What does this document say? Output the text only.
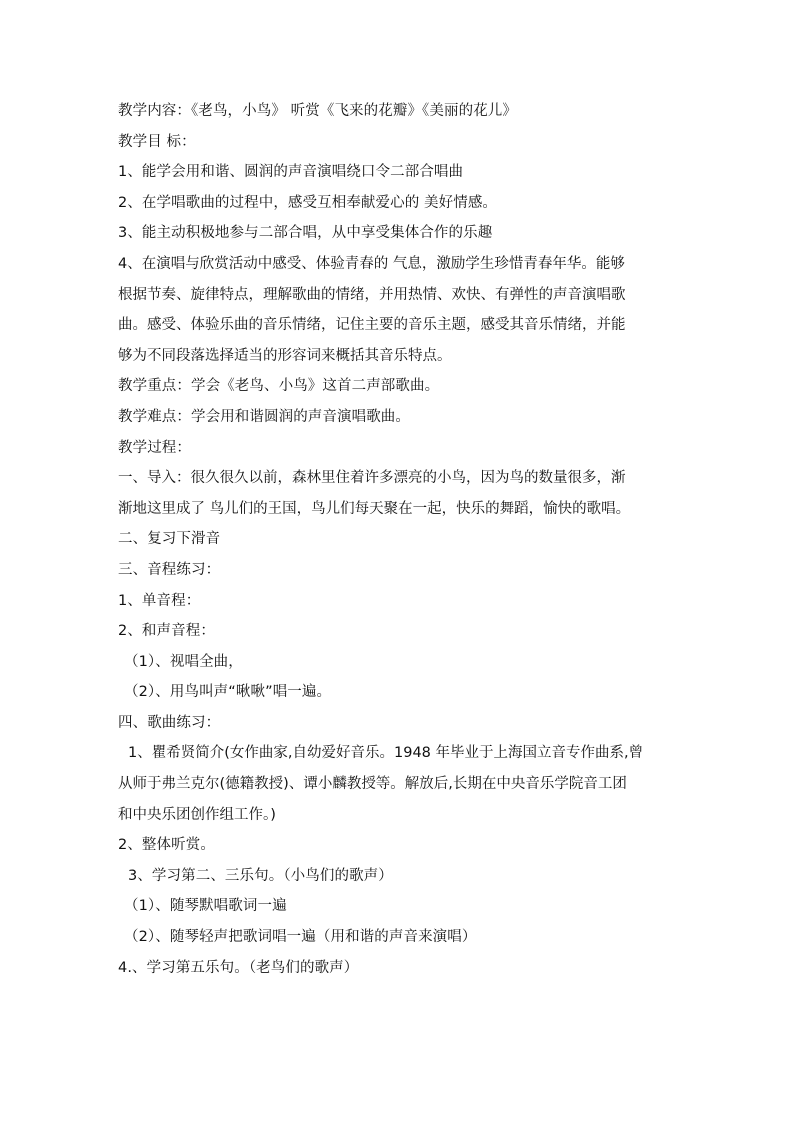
教学内容：《老鸟，小鸟》 听赏《飞来的花瓣》《美丽的花儿》
教学目 标：
1、能学会用和谐、圆润的声音演唱绕口令二部合唱曲
2、在学唱歌曲的过程中，感受互相奉献爱心的 美好情感。
3、能主动积极地参与二部合唱，从中享受集体合作的乐趣
4、在演唱与欣赏活动中感受、体验青春的 气息，激励学生珍惜青春年华。能够
根据节奏、旋律特点，理解歌曲的情绪，并用热情、欢快、有弹性的声音演唱歌
曲。感受、体验乐曲的音乐情绪，记住主要的音乐主题，感受其音乐情绪，并能
够为不同段落选择适当的形容词来概括其音乐特点。
教学重点：学会《老鸟、小鸟》这首二声部歌曲。
教学难点：学会用和谐圆润的声音演唱歌曲。
教学过程：
一、导入：很久很久以前，森林里住着许多漂亮的小鸟，因为鸟的数量很多，渐
渐地这里成了 鸟儿们的王国，鸟儿们每天聚在一起，快乐的舞蹈，愉快的歌唱。
二、复习下滑音
三、音程练习：
1、单音程：
2、和声音程：
（1）、视唱全曲，
（2）、用鸟叫声“啾啾”唱一遍。
四、歌曲练习：
1、瞿希贤简介(女作曲家,自幼爱好音乐。1948 年毕业于上海国立音专作曲系,曾
从师于弗兰克尔(德籍教授)、谭小麟教授等。解放后,长期在中央音乐学院音工团
和中央乐团创作组工作。)
2、整体听赏。
3、学习第二、三乐句。（小鸟们的歌声）
（1）、随琴默唱歌词一遍
（2）、随琴轻声把歌词唱一遍（用和谐的声音来演唱）
4.、学习第五乐句。（老鸟们的歌声）
